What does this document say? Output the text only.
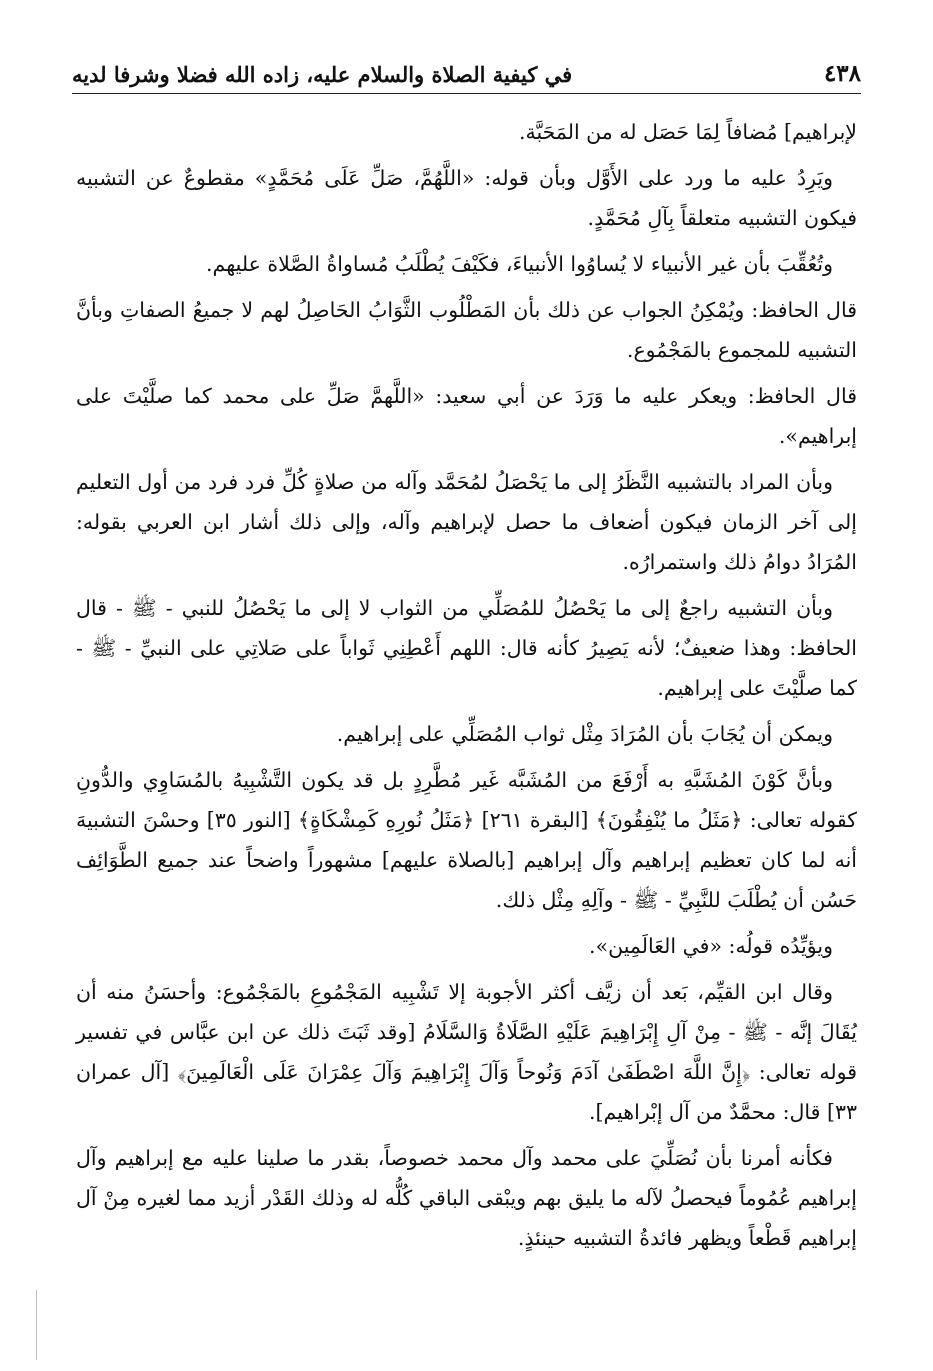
٤٣٨
في كيفية الصلاة والسلام عليه، زاده الله فضلا وشرفا لديه

لإبراهيم] مُضافاً لِمَا حَصَل له من المَحَبَّة.

ويَرِدُ عليه ما ورد على الأَوَّل وبأن قوله: «اللَّهُمَّ، صَلِّ عَلَى مُحَمَّدٍ» مقطوعٌ عن التشبيه فيكون التشبيه متعلقاً بِآلِ مُحَمَّدٍ.

وتُعُقِّبَ بأن غير الأنبياء لا يُساوُوا الأنبياءَ، فكَيْفَ يُطْلَبُ مُساواةُ الصَّلاة عليهم.

قال الحافظ: ويُمْكِنُ الجواب عن ذلك بأن المَطْلُوب الثَّوَابُ الحَاصِلُ لهم لا جميعُ الصفاتِ وبأنَّ التشبيه للمجموع بالمَجْمُوع.

قال الحافظ: ويعكر عليه ما وَرَدَ عن أبي سعيد: «اللَّهمَّ صَلِّ على محمد كما صلَّيْتَ على إبراهيم».

وبأن المراد بالتشبيه النَّظَرُ إلى ما يَحْصَلُ لمُحَمَّد وآله من صلاةٍ كُلِّ فرد فرد من أول التعليم إلى آخر الزمان فيكون أضعاف ما حصل لإبراهيم وآله، وإلى ذلك أشار ابن العربي بقوله: المُرَادُ دوامُ ذلك واستمرارُه.

وبأن التشبيه راجعٌ إلى ما يَحْصُلُ للمُصَلِّي من الثواب لا إلى ما يَحْصُلُ للنبي - ﷺ - قال الحافظ: وهذا ضعيفٌ؛ لأنه يَصِيرُ كأنه قال: اللهم أَعْطِنِي ثَواباً على صَلاتِي على النبيِّ - ﷺ - كما صلَّيْتَ على إبراهيم.

ويمكن أن يُجَابَ بأن المُرَادَ مِثْل ثواب المُصَلِّي على إبراهيم.

وبأنَّ كَوْنَ المُشَبَّهِ به أَرْفَعَ من المُشَبَّه غَير مُطَّرِدٍ بل قد يكون التَّشْبِيهُ بالمُسَاوِي والدُّونِ كقوله تعالى: ﴿مَثَلُ ما يُنْفِقُونَ﴾ [البقرة ٢٦١] ﴿مَثَلُ نُورِهِ كَمِشْكَاةٍ﴾ [النور ٣٥] وحسْنَ التشبيهَ أنه لما كان تعظيم إبراهيم وآل إبراهيم [بالصلاة عليهم] مشهوراً واضحاً عند جميع الطَّوَائِف حَسُن أن يُطْلَبَ للنَّبِيِّ - ﷺ - وآلِهِ مِثْل ذلك.

ويؤيِّدُه قولُه: «في العَالَمِين».

وقال ابن القيِّم، بَعد أن زيَّف أكثر الأجوبة إلا تَشْبِيه المَجْمُوعِ بالمَجْمُوع: وأحسَنُ منه أن يُقَالَ إنَّه - ﷺ - مِنْ آلِ إِبْرَاهِيمَ عَلَيْهِ الصَّلَاةُ وَالسَّلَامُ [وقد ثَبَتَ ذلك عن ابن عبَّاس في تفسير قوله تعالى: ﴿إِنَّ اللَّهَ اصْطَفَىٰ آدَمَ وَنُوحاً وَآلَ إِبْرَاهِيمَ وَآلَ عِمْرَانَ عَلَى الْعَالَمِينَ﴾ [آل عمران ٣٣] قال: محمَّدٌ من آل إبْراهيم].

فكأنه أمرنا بأن نُصَلِّيَ على محمد وآل محمد خصوصاً، بقدر ما صلينا عليه مع إبراهيم وآل إبراهيم عُمُوماً فيحصلُ لآله ما يليق بهم ويبْقى الباقي كُلُّه له وذلك القَدْر أزيد مما لغيره مِنْ آل إبراهيم قَطْعاً ويظهر فائدةُ التشبيه حينئذٍ.
